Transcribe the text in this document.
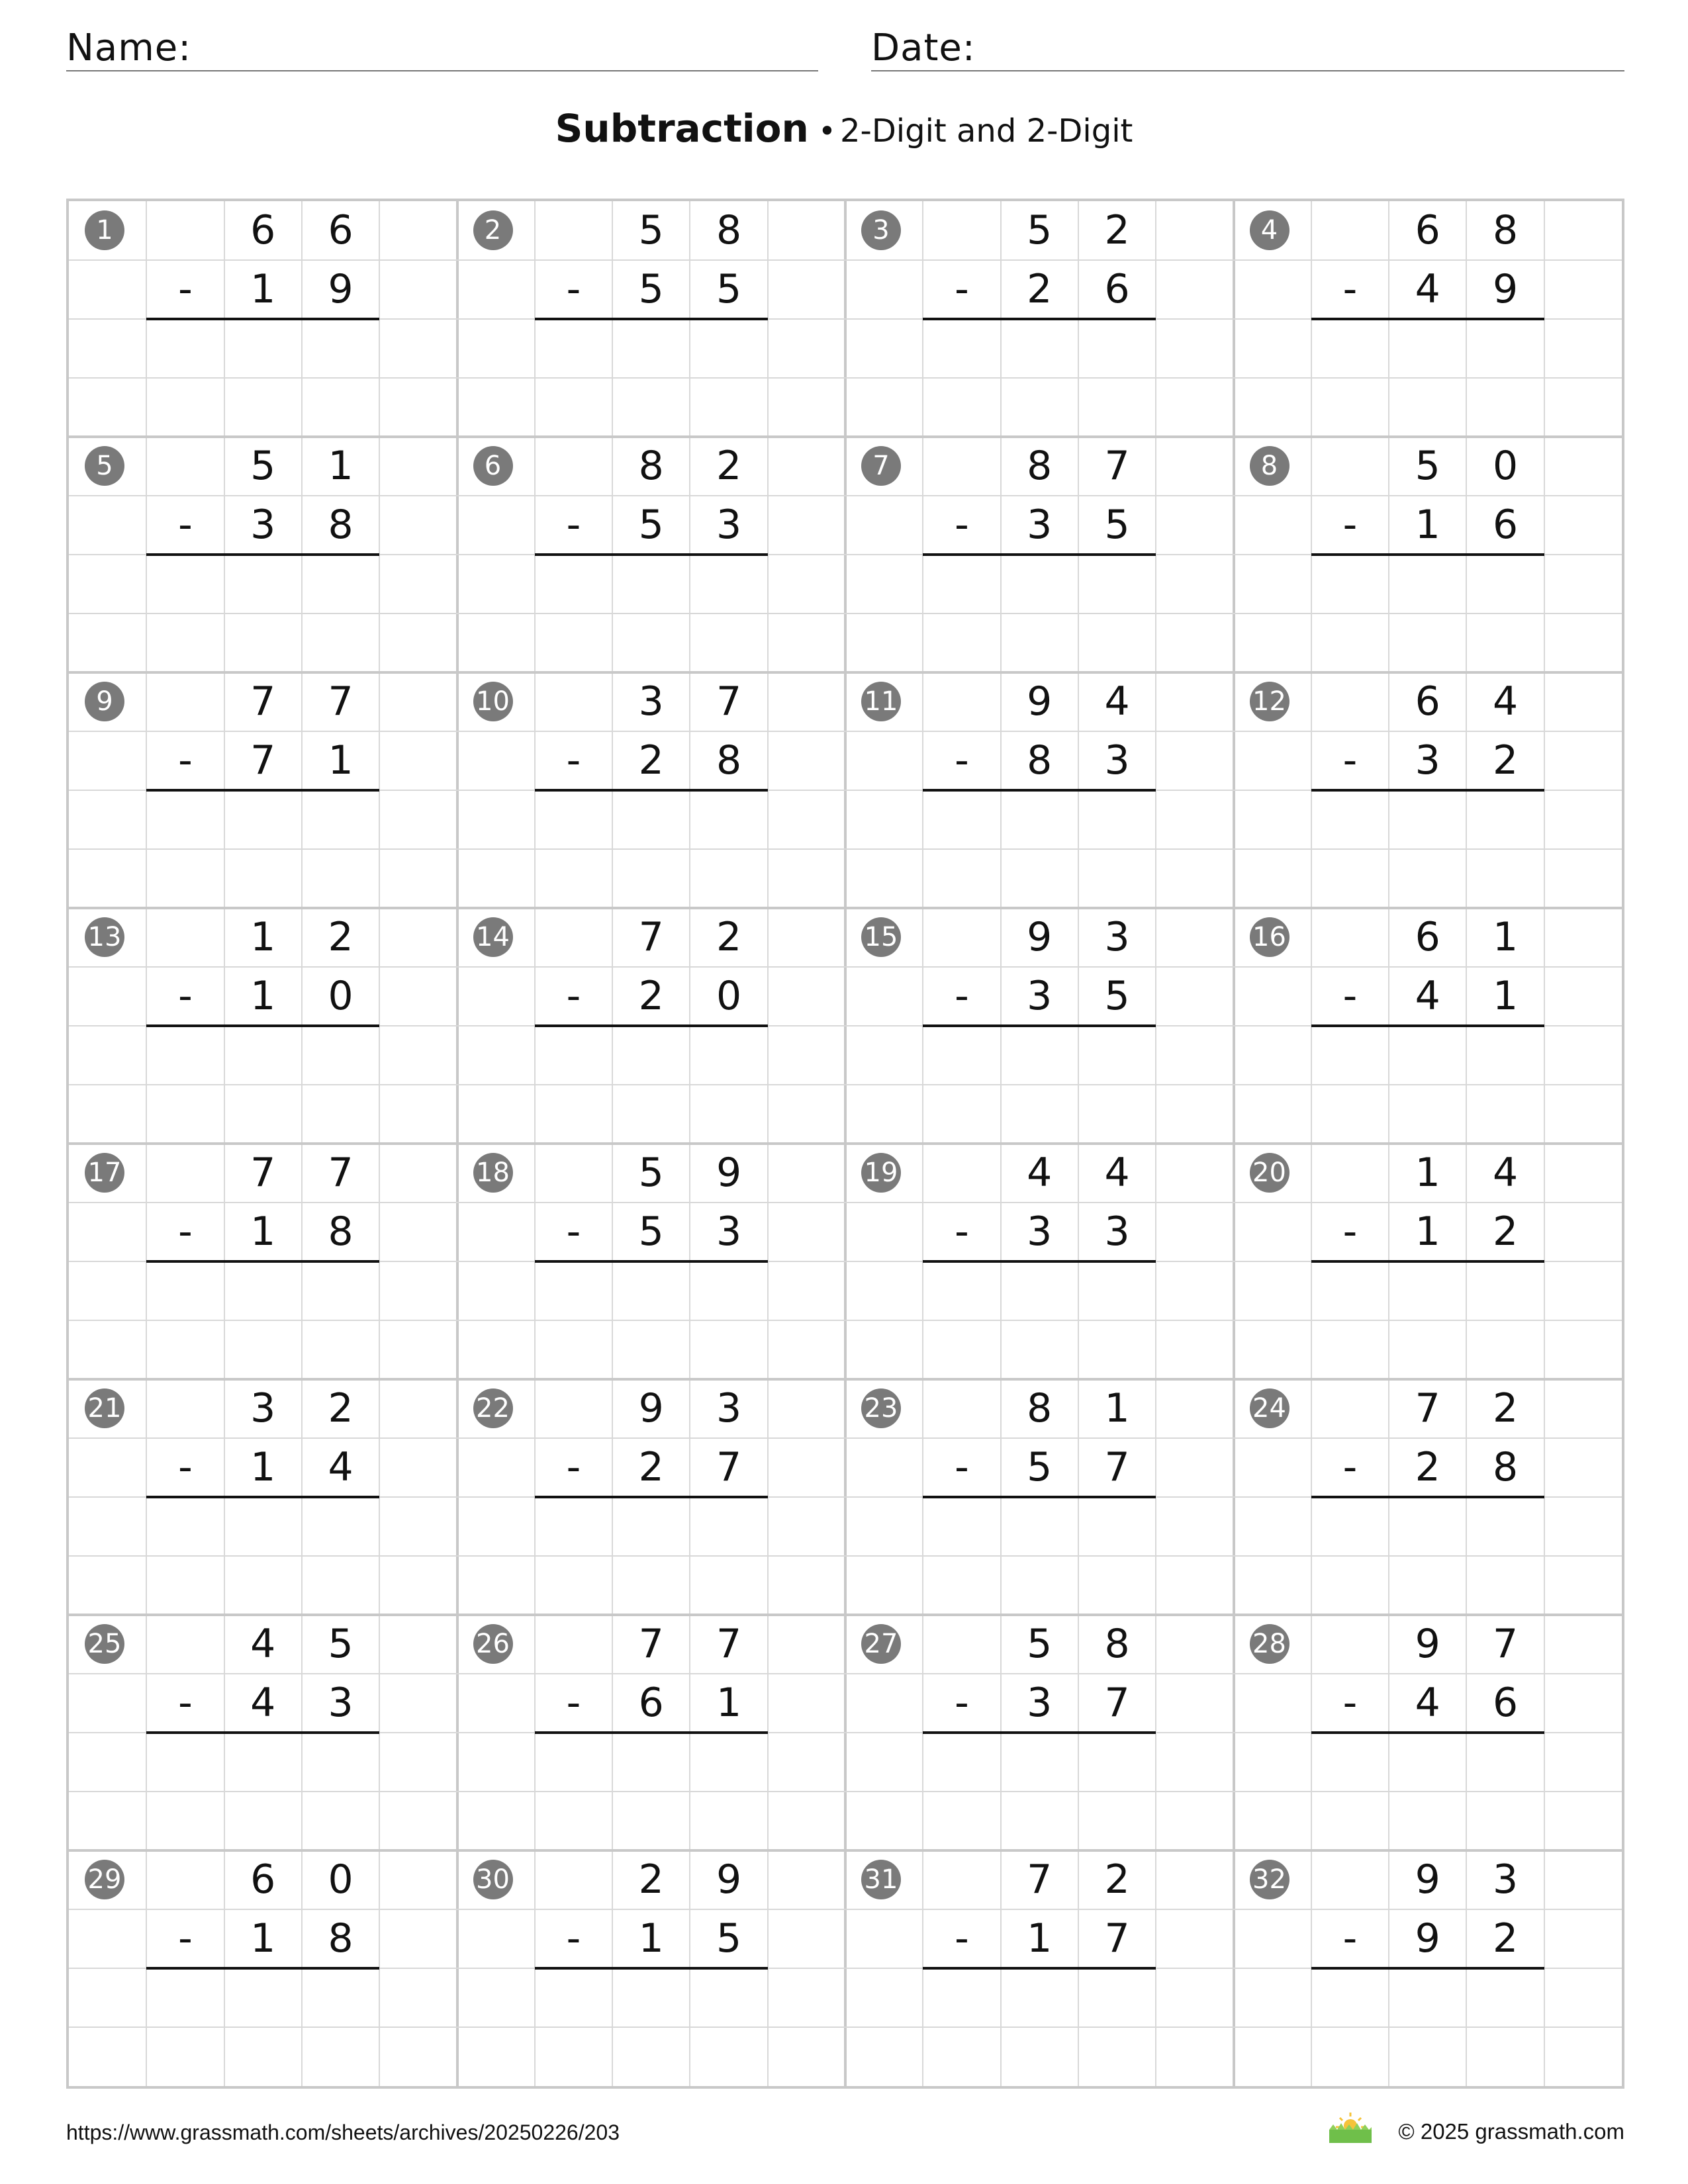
Name:	Date:
Subtraction • 2-Digit and 2-Digit
1	6	6
-	1	9
2	5	8
-	5	5
3	5	2
-	2	6
4	6	8
-	4	9
5	5	1
-	3	8
6	8	2
-	5	3
7	8	7
-	3	5
8	5	0
-	1	6
9	7	7
-	7	1
10	3	7
-	2	8
11	9	4
-	8	3
12	6	4
-	3	2
13	1	2
-	1	0
14	7	2
-	2	0
15	9	3
-	3	5
16	6	1
-	4	1
17	7	7
-	1	8
18	5	9
-	5	3
19	4	4
-	3	3
20	1	4
-	1	2
21	3	2
-	1	4
22	9	3
-	2	7
23	8	1
-	5	7
24	7	2
-	2	8
25	4	5
-	4	3
26	7	7
-	6	1
27	5	8
-	3	7
28	9	7
-	4	6
29	6	0
-	1	8
30	2	9
-	1	5
31	7	2
-	1	7
32	9	3
-	9	2
https://www.grassmath.com/sheets/archives/20250226/203	© 2025 grassmath.com
